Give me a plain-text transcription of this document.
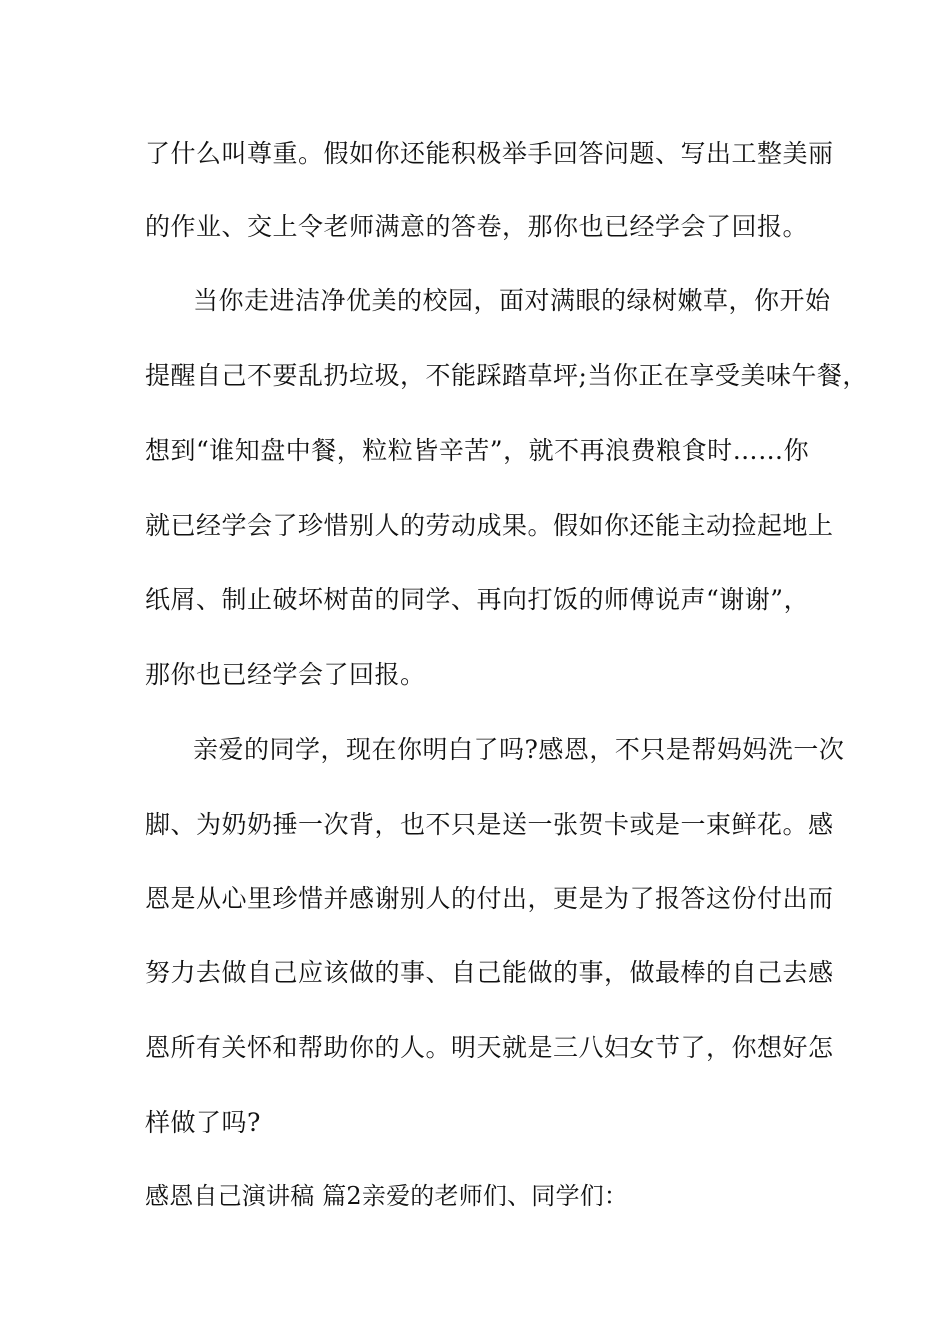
了什么叫尊重。假如你还能积极举手回答问题、写出工整美丽
的作业、交上令老师满意的答卷，那你也已经学会了回报。
当你走进洁净优美的校园，面对满眼的绿树嫩草，你开始
提醒自己不要乱扔垃圾，不能踩踏草坪;当你正在享受美味午餐，
想到“谁知盘中餐，粒粒皆辛苦”，就不再浪费粮食时……你
就已经学会了珍惜别人的劳动成果。假如你还能主动捡起地上
纸屑、制止破坏树苗的同学、再向打饭的师傅说声“谢谢”，
那你也已经学会了回报。
亲爱的同学，现在你明白了吗?感恩，不只是帮妈妈洗一次
脚、为奶奶捶一次背，也不只是送一张贺卡或是一束鲜花。感
恩是从心里珍惜并感谢别人的付出，更是为了报答这份付出而
努力去做自己应该做的事、自己能做的事，做最棒的自己去感
恩所有关怀和帮助你的人。明天就是三八妇女节了，你想好怎
样做了吗?
感恩自己演讲稿 篇2亲爱的老师们、同学们：
